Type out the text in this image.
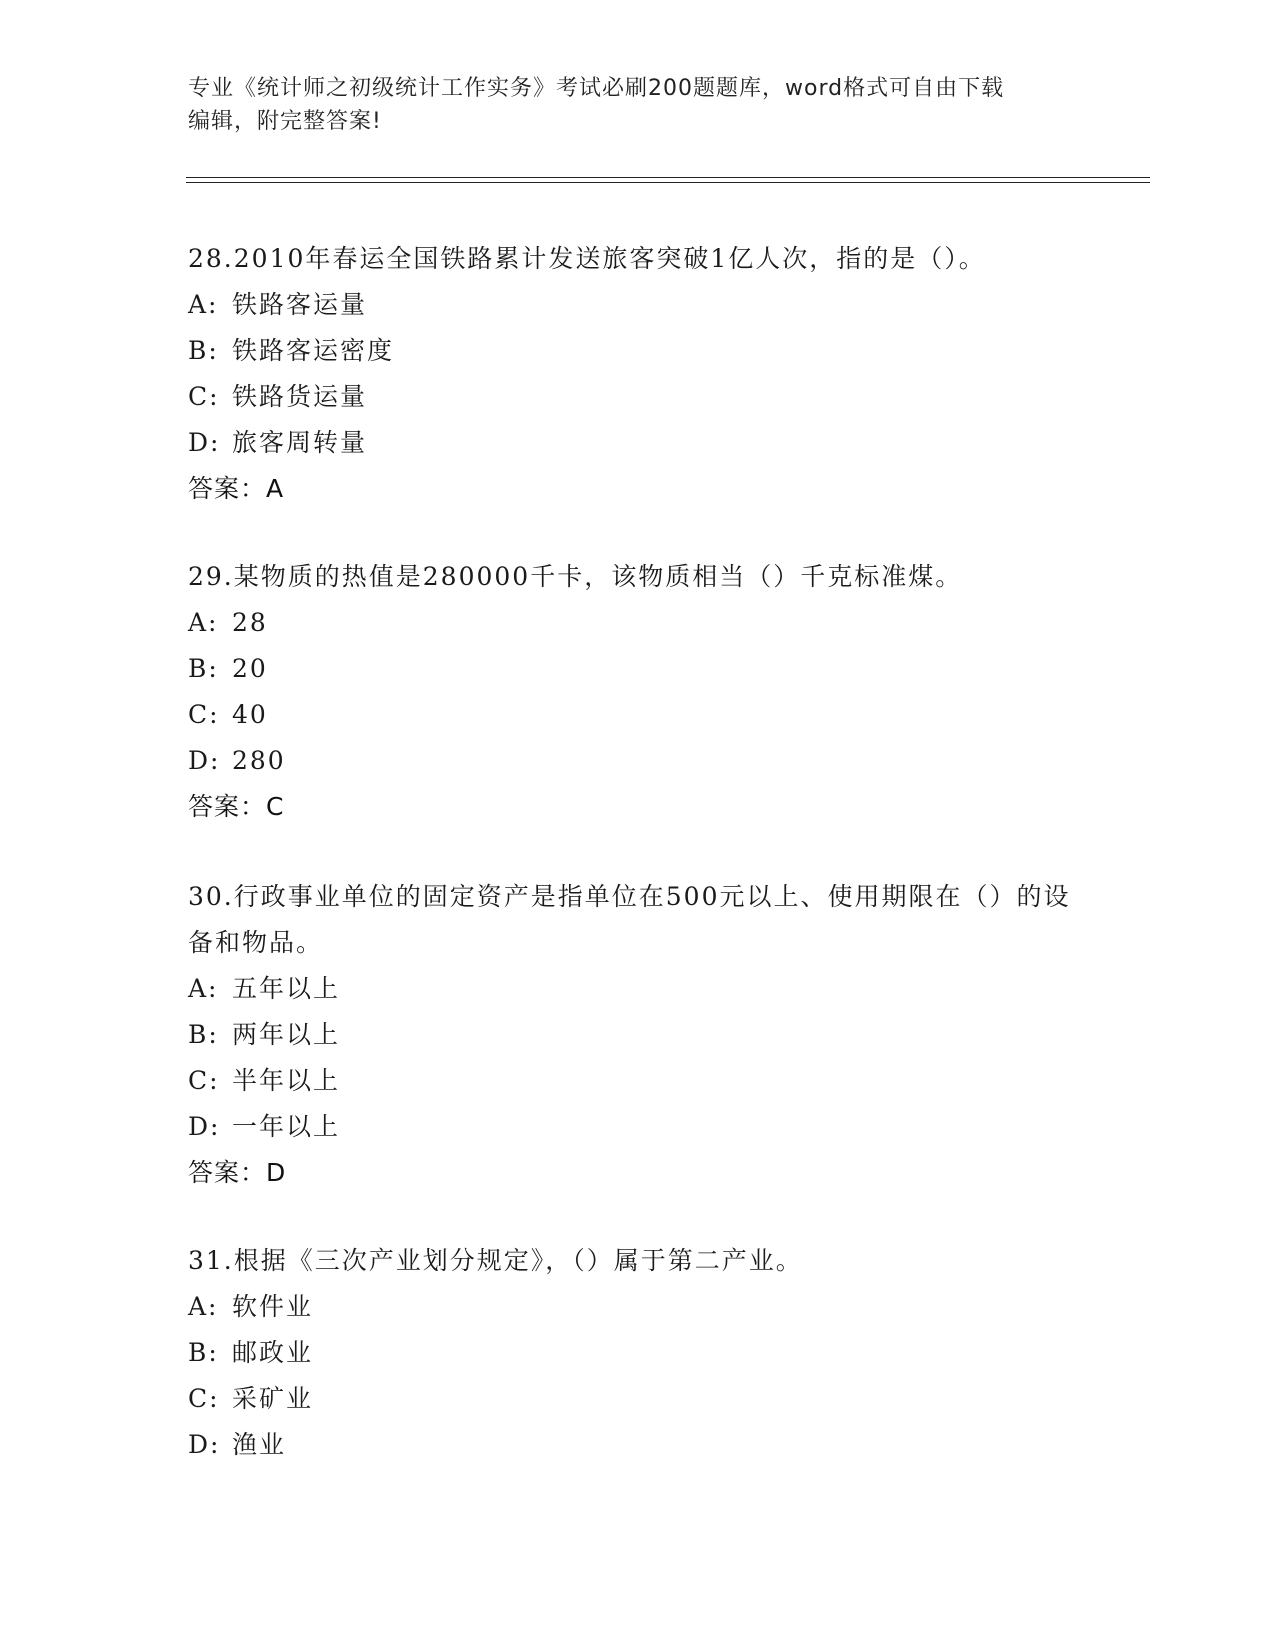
专业《统计师之初级统计工作实务》考试必刷200题题库，word格式可自由下载
编辑，附完整答案!
28.2010年春运全国铁路累计发送旅客突破1亿人次，指的是（）。
A: 铁路客运量
B: 铁路客运密度
C: 铁路货运量
D: 旅客周转量
答案：A
29.某物质的热值是280000千卡，该物质相当（）千克标准煤。
A: 28
B: 20
C: 40
D: 280
答案：C
30.行政事业单位的固定资产是指单位在500元以上、使用期限在（）的设备和物品。
A: 五年以上
B: 两年以上
C: 半年以上
D: 一年以上
答案：D
31.根据《三次产业划分规定》，（）属于第二产业。
A: 软件业
B: 邮政业
C: 采矿业
D: 渔业
